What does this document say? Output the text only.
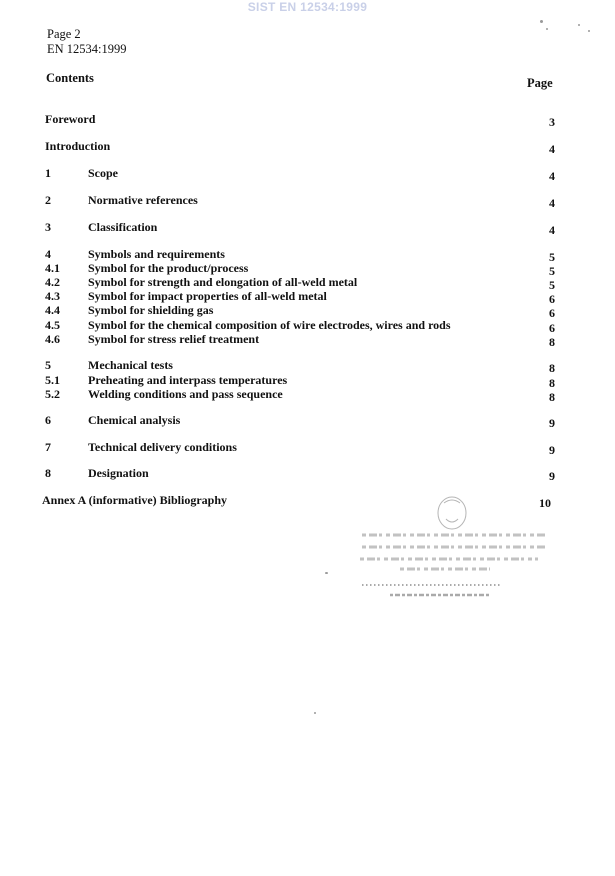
SIST EN 12534:1999
Page 2
EN 12534:1999
Contents	Page
Foreword	3
Introduction	4
1	Scope	4
2	Normative references	4
3	Classification	4
4	Symbols and requirements	5
4.1 Symbol for the product/process	5
4.2 Symbol for strength and elongation of all-weld metal	5
4.3 Symbol for impact properties of all-weld metal	6
4.4 Symbol for shielding gas	6
4.5 Symbol for the chemical composition of wire electrodes, wires and rods	6
4.6 Symbol for stress relief treatment	8
5	Mechanical tests	8
5.1 Preheating and interpass temperatures	8
5.2 Welding conditions and pass sequence	8
6	Chemical analysis	9
7	Technical delivery conditions	9
8	Designation	9
Annex A (informative) Bibliography	10
